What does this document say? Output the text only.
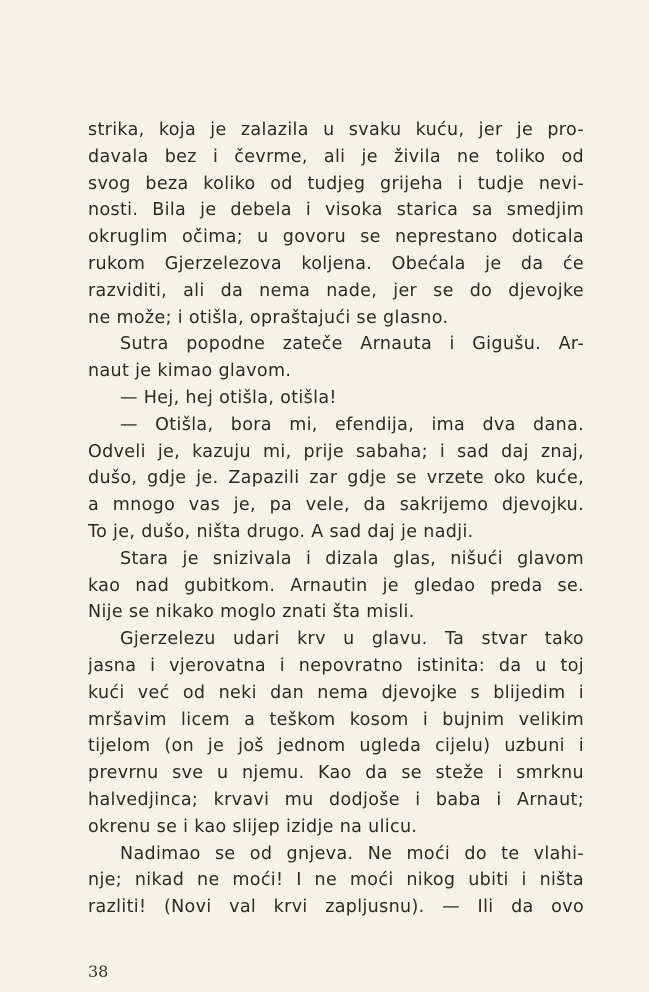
strika, koja je zalazila u svaku kuću, jer je pro-
davala bez i čevrme, ali je živila ne toliko od
svog beza koliko od tudjeg grijeha i tudje nevi-
nosti. Bila je debela i visoka starica sa smedjim
okruglim očima; u govoru se neprestano doticala
rukom Gjerzelezova koljena. Obećala je da će
razviditi, ali da nema nade, jer se do djevojke
ne može; i otišla, opraštajući se glasno.
Sutra popodne zateče Arnauta i Gigušu. Ar-
naut je kimao glavom.
— Hej, hej otišla, otišla!
— Otišla, bora mi, efendija, ima dva dana.
Odveli je, kazuju mi, prije sabaha; i sad daj znaj,
dušo, gdje je. Zapazili zar gdje se vrzete oko kuće,
a mnogo vas je, pa vele, da sakrijemo djevojku.
To je, dušo, ništa drugo. A sad daj je nadji.
Stara je snizivala i dizala glas, nišući glavom
kao nad gubitkom. Arnautin je gledao preda se.
Nije se nikako moglo znati šta misli.
Gjerzelezu udari krv u glavu. Ta stvar tako
jasna i vjerovatna i nepovratno istinita: da u toj
kući već od neki dan nema djevojke s blijedim i
mršavim licem a teškom kosom i bujnim velikim
tijelom (on je još jednom ugleda cijelu) uzbuni i
prevrnu sve u njemu. Kao da se steže i smrknu
halvedjinca; krvavi mu dodjoše i baba i Arnaut;
okrenu se i kao slijep izidje na ulicu.
Nadimao se od gnjeva. Ne moći do te vlahi-
nje; nikad ne moći! I ne moći nikog ubiti i ništa
razliti! (Novi val krvi zapljusnu). — Ili da ovo
38
